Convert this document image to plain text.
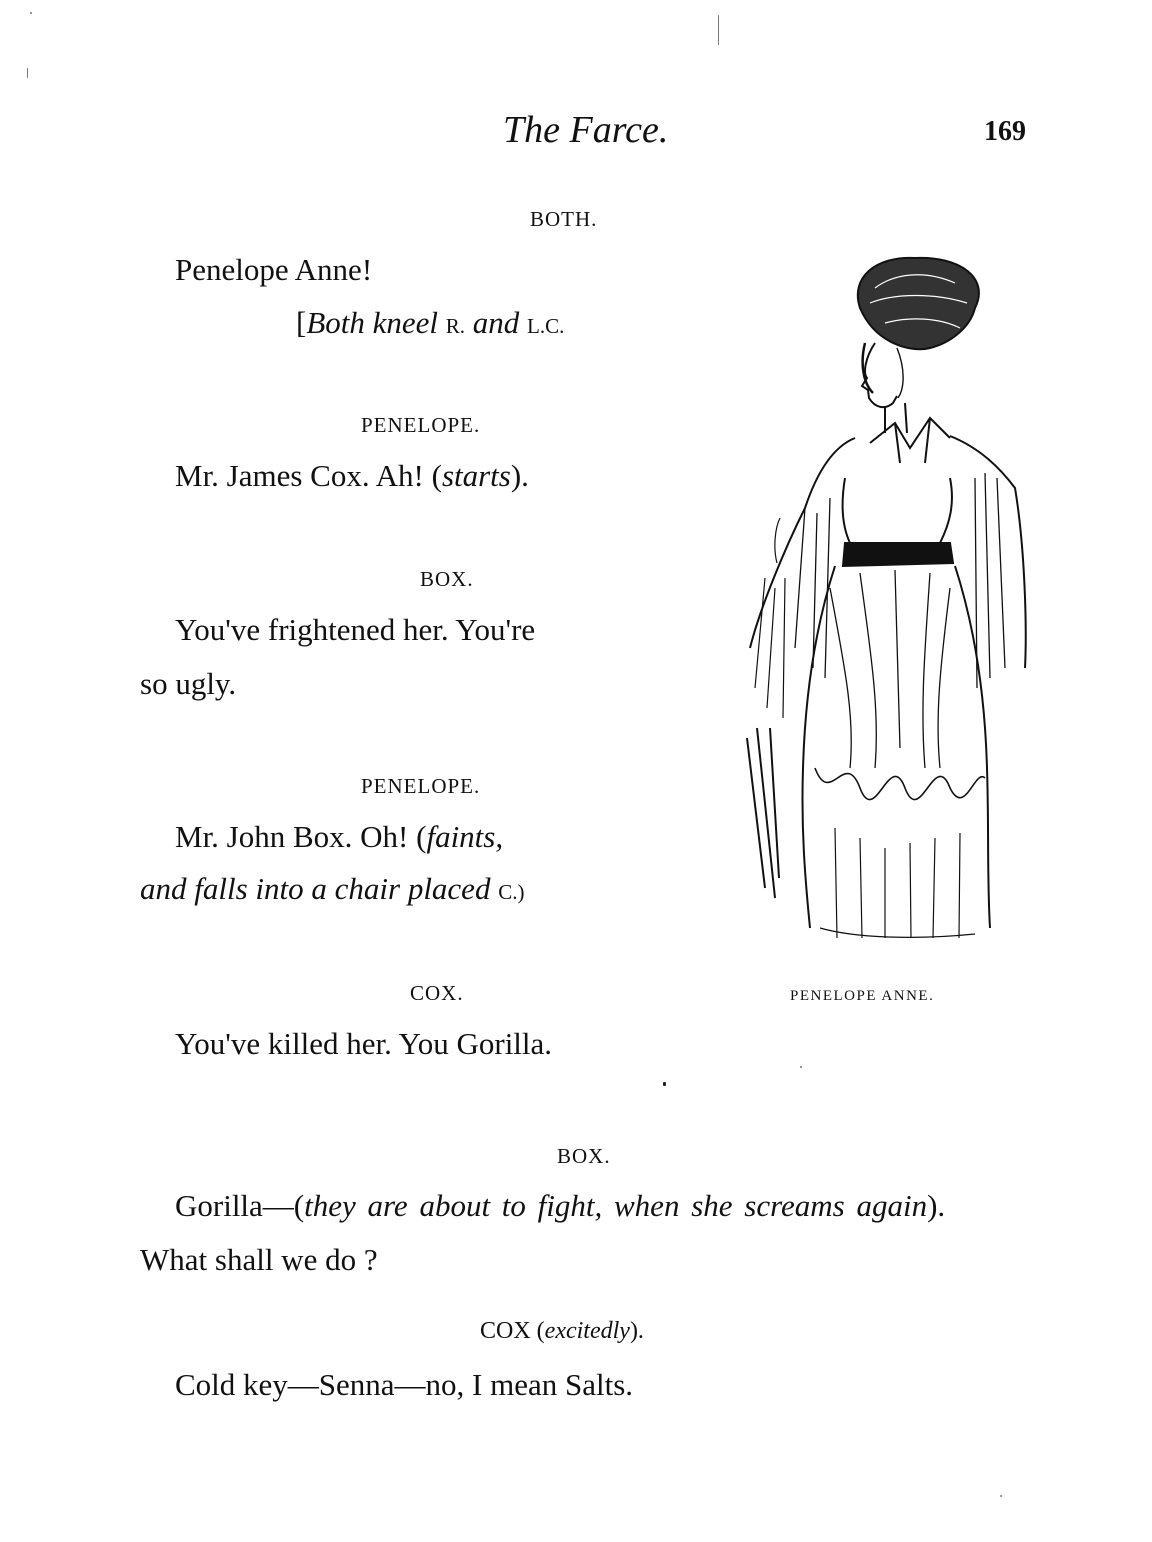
The Farce.	169
BOTH.
Penelope Anne!
[Both kneel R. and L.C.
PENELOPE.
Mr. James Cox. Ah! (starts).
BOX.
You've frightened her. You're
so ugly.
PENELOPE.
Mr. John Box. Oh! (faints,
and falls into a chair placed C.)
COX.
You've killed her. You Gorilla.
BOX.
Gorilla—(they are about to fight, when she screams again).
What shall we do ?
COX (excitedly).
Cold key—Senna—no, I mean Salts.
PENELOPE ANNE.
